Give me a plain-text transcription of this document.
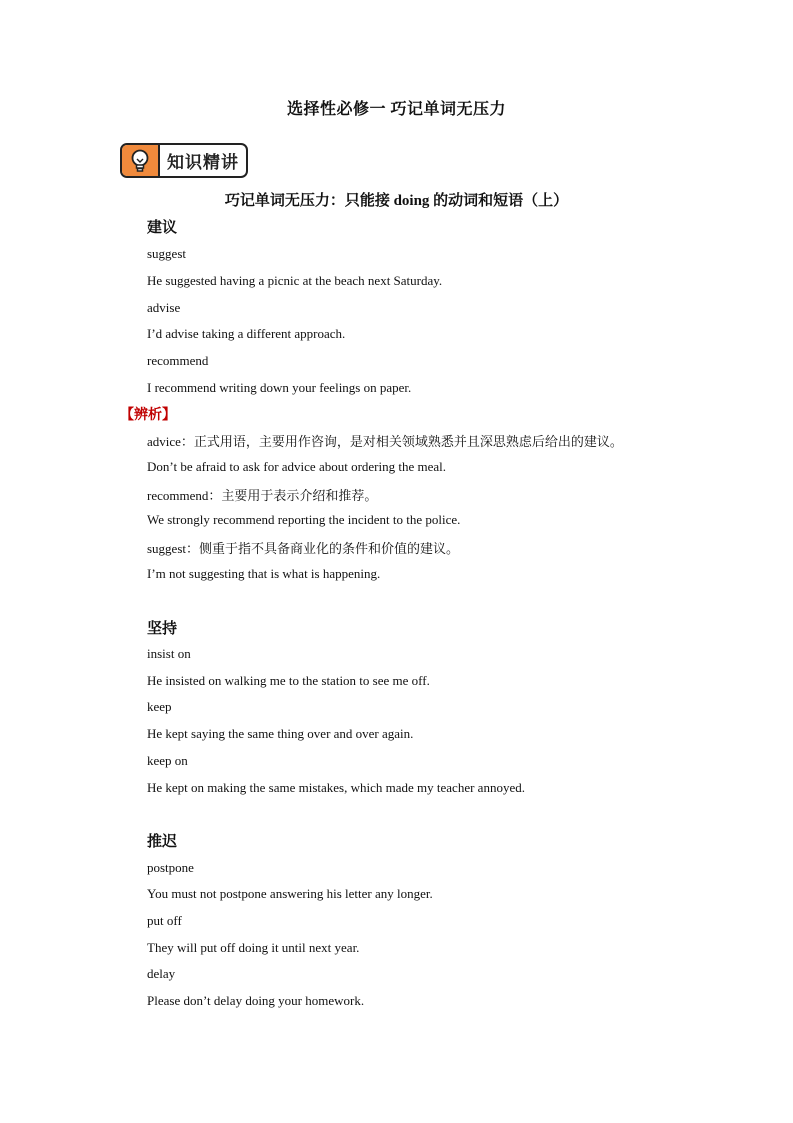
选择性必修一 巧记单词无压力
知识精讲
巧记单词无压力：只能接 doing 的动词和短语（上）
建议
suggest
He suggested having a picnic at the beach next Saturday.
advise
I’d advise taking a different approach.
recommend
I recommend writing down your feelings on paper.
【辨析】
advice：正式用语，主要用作咨询，是对相关领域熟悉并且深思熟虑后给出的建议。
Don’t be afraid to ask for advice about ordering the meal.
recommend：主要用于表示介绍和推荐。
We strongly recommend reporting the incident to the police.
suggest：侧重于指不具备商业化的条件和价值的建议。
I’m not suggesting that is what is happening.
坚持
insist on
He insisted on walking me to the station to see me off.
keep
He kept saying the same thing over and over again.
keep on
He kept on making the same mistakes, which made my teacher annoyed.
推迟
postpone
You must not postpone answering his letter any longer.
put off
They will put off doing it until next year.
delay
Please don’t delay doing your homework.
